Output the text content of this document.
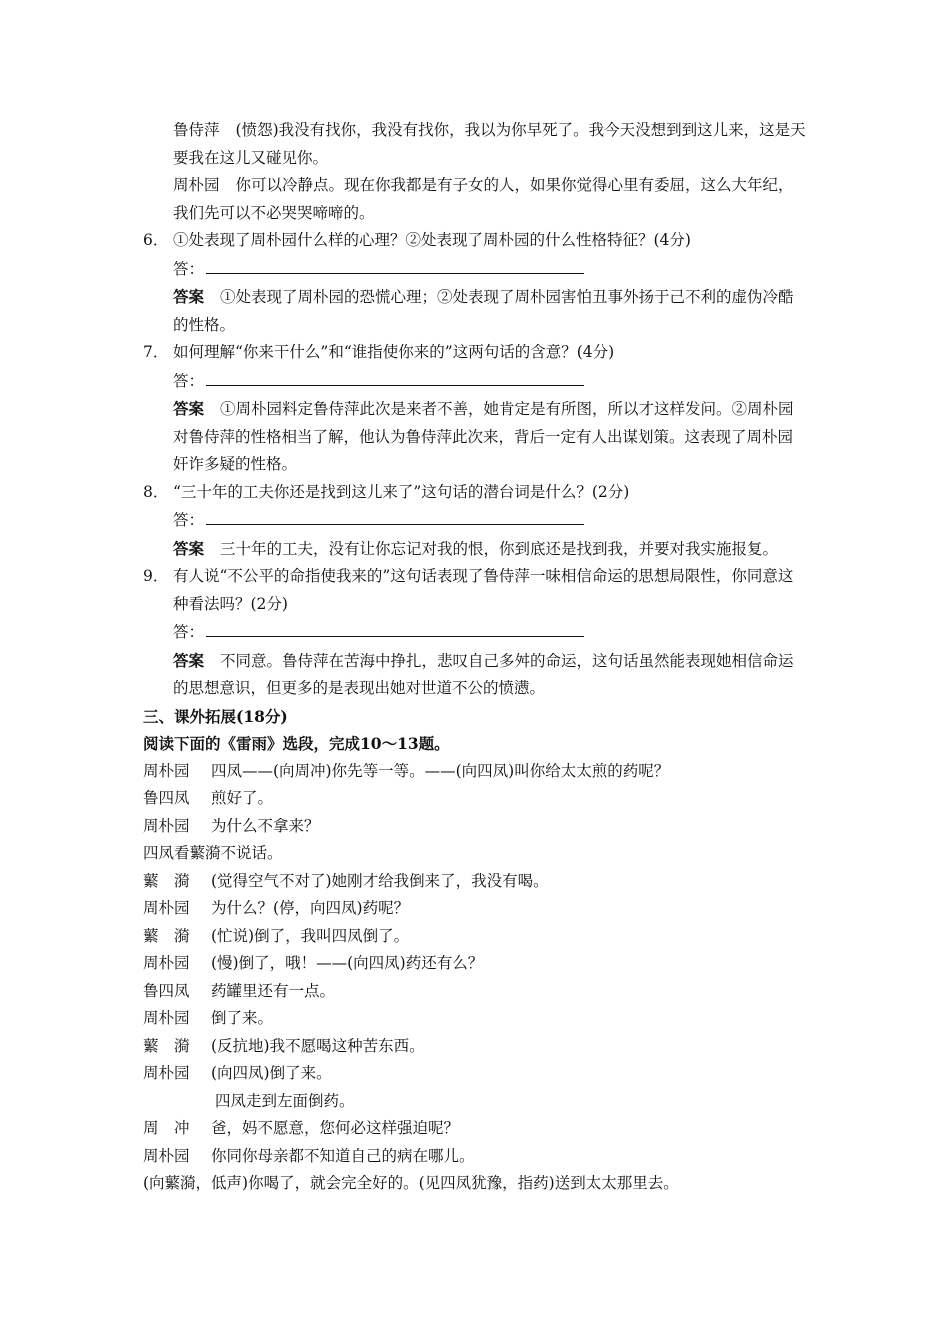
鲁侍萍 (愤怨)我没有找你，我没有找你，我以为你早死了。我今天没想到到这儿来，这是天要我在这儿又碰见你。

周朴园 你可以冷静点。现在你我都是有子女的人，如果你觉得心里有委屈，这么大年纪，我们先可以不必哭哭啼啼的。

6． ①处表现了周朴园什么样的心理？②处表现了周朴园的什么性格特征？(4分)

答：

答案 ①处表现了周朴园的恐慌心理；②处表现了周朴园害怕丑事外扬于己不利的虚伪冷酷的性格。

7． 如何理解“你来干什么”和“谁指使你来的”这两句话的含意？(4分)

答：

答案 ①周朴园料定鲁侍萍此次是来者不善，她肯定是有所图，所以才这样发问。②周朴园对鲁侍萍的性格相当了解，他认为鲁侍萍此次来，背后一定有人出谋划策。这表现了周朴园奸诈多疑的性格。

8． “三十年的工夫你还是找到这儿来了”这句话的潜台词是什么？(2分)

答：

答案 三十年的工夫，没有让你忘记对我的恨，你到底还是找到我，并要对我实施报复。

9． 有人说“不公平的命指使我来的”这句话表现了鲁侍萍一味相信命运的思想局限性，你同意这种看法吗？(2分)

答：

答案 不同意。鲁侍萍在苦海中挣扎，悲叹自己多舛的命运，这句话虽然能表现她相信命运的思想意识，但更多的是表现出她对世道不公的愤懑。

三、课外拓展(18分)

阅读下面的《雷雨》选段，完成10～13题。

周朴园 四凤——(向周冲)你先等一等。——(向四凤)叫你给太太煎的药呢？

鲁四凤 煎好了。

周朴园 为什么不拿来？

四凤看蘩漪不说话。

蘩　漪 (觉得空气不对了)她刚才给我倒来了，我没有喝。

周朴园 为什么？(停，向四凤)药呢？

蘩　漪 (忙说)倒了，我叫四凤倒了。

周朴园 (慢)倒了，哦！——(向四凤)药还有么？

鲁四凤 药罐里还有一点。

周朴园 倒了来。

蘩　漪 (反抗地)我不愿喝这种苦东西。

周朴园 (向四凤)倒了来。

四凤走到左面倒药。

周　冲 爸，妈不愿意，您何必这样强迫呢？

周朴园 你同你母亲都不知道自己的病在哪儿。

(向蘩漪，低声)你喝了，就会完全好的。(见四凤犹豫，指药)送到太太那里去。
